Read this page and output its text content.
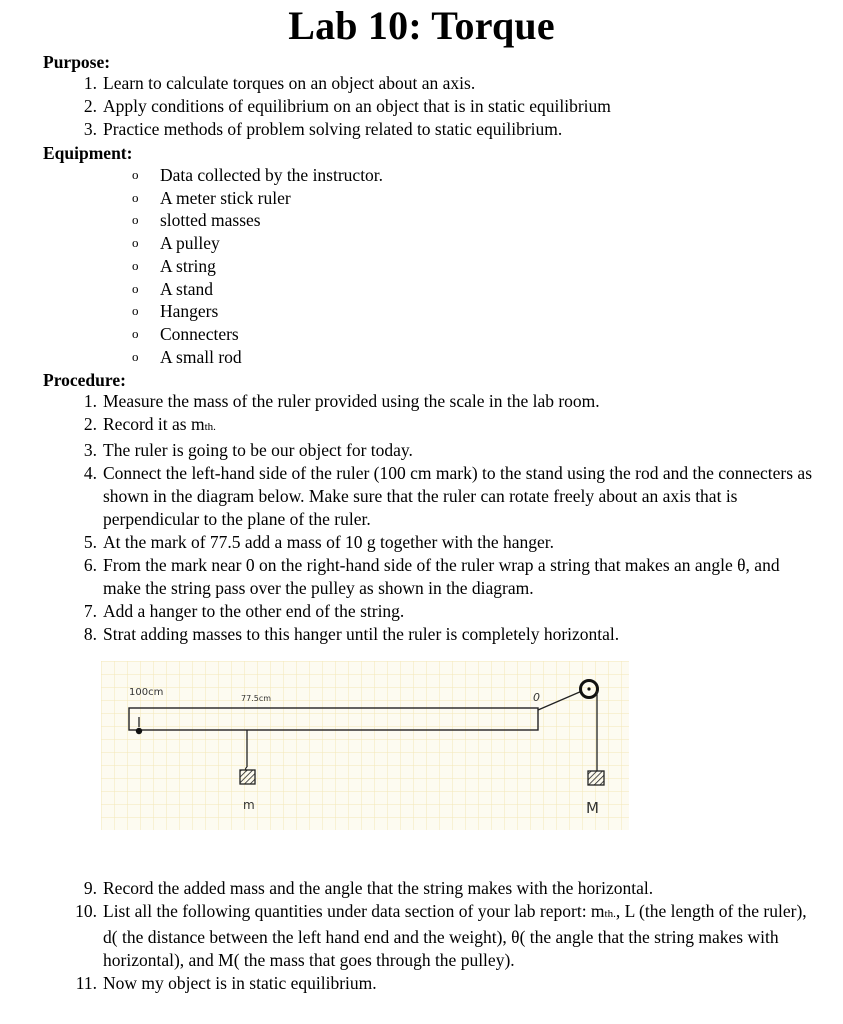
Lab 10: Torque
Purpose:
1. Learn to calculate torques on an object about an axis.
2. Apply conditions of equilibrium on an object that is in static equilibrium
3. Practice methods of problem solving related to static equilibrium.
Equipment:
o Data collected by the instructor.
o A meter stick ruler
o slotted masses
o A pulley
o A string
o A stand
o Hangers
o Connecters
o A small rod
Procedure:
1. Measure the mass of the ruler provided using the scale in the lab room.
2. Record it as mth.
3. The ruler is going to be our object for today.
4. Connect the left-hand side of the ruler (100 cm mark) to the stand using the rod and the connecters as shown in the diagram below. Make sure that the ruler can rotate freely about an axis that is perpendicular to the plane of the ruler.
5. At the mark of 77.5 add a mass of 10 g together with the hanger.
6. From the mark near 0 on the right-hand side of the ruler wrap a string that makes an angle θ, and make the string pass over the pulley as shown in the diagram.
7. Add a hanger to the other end of the string.
8. Strat adding masses to this hanger until the ruler is completely horizontal.
100cm
77.5cm	0
m	M
9. Record the added mass and the angle that the string makes with the horizontal.
10. List all the following quantities under data section of your lab report: mth., L (the length of the ruler), d( the distance between the left hand end and the weight), θ( the angle that the string makes with horizontal), and M( the mass that goes through the pulley).
11. Now my object is in static equilibrium.
